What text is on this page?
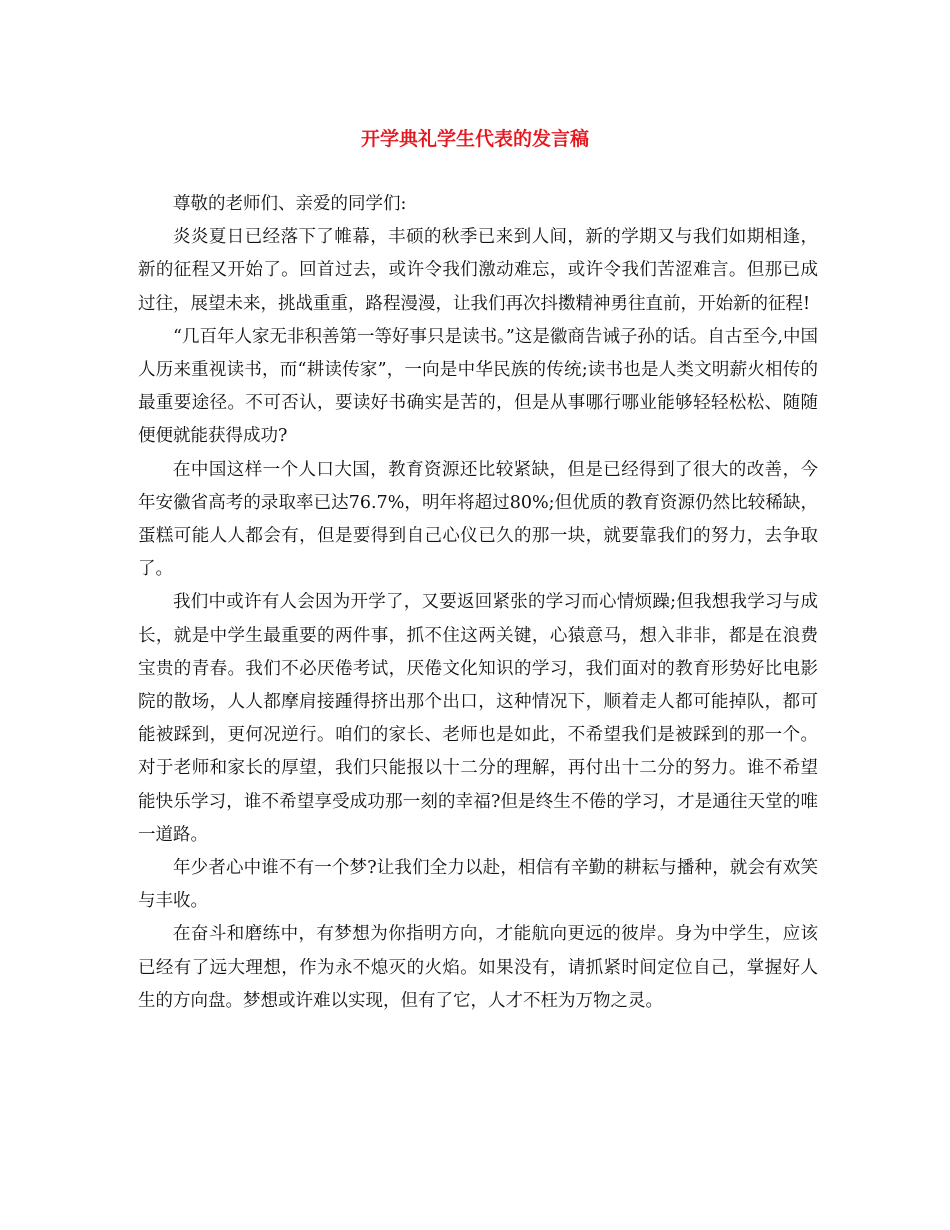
开学典礼学生代表的发言稿

尊敬的老师们、亲爱的同学们:

炎炎夏日已经落下了帷幕，丰硕的秋季已来到人间，新的学期又与我们如期相逢，新的征程又开始了。回首过去，或许令我们激动难忘，或许令我们苦涩难言。但那已成过往，展望未来，挑战重重，路程漫漫，让我们再次抖擞精神勇往直前，开始新的征程!

“几百年人家无非积善第一等好事只是读书。”这是徽商告诫子孙的话。自古至今,中国人历来重视读书，而“耕读传家”，一向是中华民族的传统;读书也是人类文明薪火相传的最重要途径。不可否认，要读好书确实是苦的，但是从事哪行哪业能够轻轻松松、随随便便就能获得成功?

在中国这样一个人口大国，教育资源还比较紧缺，但是已经得到了很大的改善，今年安徽省高考的录取率已达76.7%，明年将超过80%;但优质的教育资源仍然比较稀缺，蛋糕可能人人都会有，但是要得到自己心仪已久的那一块，就要靠我们的努力，去争取了。

我们中或许有人会因为开学了，又要返回紧张的学习而心情烦躁;但我想我学习与成长，就是中学生最重要的两件事，抓不住这两关键，心猿意马，想入非非，都是在浪费宝贵的青春。我们不必厌倦考试，厌倦文化知识的学习，我们面对的教育形势好比电影院的散场，人人都摩肩接踵得挤出那个出口，这种情况下，顺着走人都可能掉队，都可能被踩到，更何况逆行。咱们的家长、老师也是如此，不希望我们是被踩到的那一个。对于老师和家长的厚望，我们只能报以十二分的理解，再付出十二分的努力。谁不希望能快乐学习，谁不希望享受成功那一刻的幸福?但是终生不倦的学习，才是通往天堂的唯一道路。

年少者心中谁不有一个梦?让我们全力以赴，相信有辛勤的耕耘与播种，就会有欢笑与丰收。

在奋斗和磨练中，有梦想为你指明方向，才能航向更远的彼岸。身为中学生，应该已经有了远大理想，作为永不熄灭的火焰。如果没有，请抓紧时间定位自己，掌握好人生的方向盘。梦想或许难以实现，但有了它，人才不枉为万物之灵。
